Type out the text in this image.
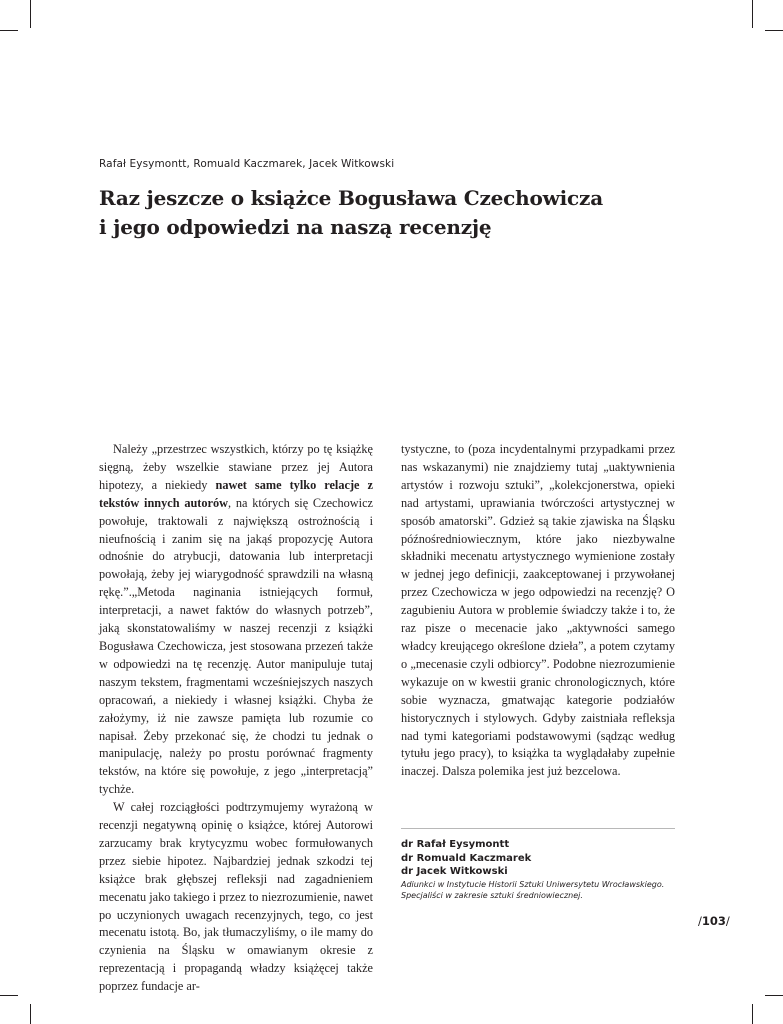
Rafał Eysymontt, Romuald Kaczmarek, Jacek Witkowski
Raz jeszcze o książce Bogusława Czechowicza
i jego odpowiedzi na naszą recenzję

Należy „przestrzec wszystkich, którzy po tę książkę sięgną, żeby wszelkie stawiane przez jej Autora hipotezy, a niekiedy nawet same tylko relacje z tekstów innych autorów, na których się Czechowicz powołuje, traktowali z największą ostrożnością i nieufnością i zanim się na jakąś propozycję Autora odnośnie do atrybucji, datowania lub interpretacji powołają, żeby jej wiarygodność sprawdzili na własną rękę.”.„Metoda naginania istniejących formuł, interpretacji, a nawet faktów do własnych potrzeb”, jaką skonstatowaliśmy w naszej recenzji z książki Bogusława Czechowicza, jest stosowana przezeń także w odpowiedzi na tę recenzję. Autor manipuluje tutaj naszym tekstem, fragmentami wcześniejszych naszych opracowań, a niekiedy i własnej książki. Chyba że założymy, iż nie zawsze pamięta lub rozumie co napisał. Żeby przekonać się, że chodzi tu jednak o manipulację, należy po prostu porównać fragmenty tekstów, na które się powołuje, z jego „interpretacją” tychże.

W całej rozciągłości podtrzymujemy wyrażoną w recenzji negatywną opinię o książce, której Autorowi zarzucamy brak krytycyzmu wobec formułowanych przez siebie hipotez. Najbardziej jednak szkodzi tej książce brak głębszej refleksji nad zagadnieniem mecenatu jako takiego i przez to niezrozumienie, nawet po uczynionych uwagach recenzyjnych, tego, co jest mecenatu istotą. Bo, jak tłumaczyliśmy, o ile mamy do czynienia na Śląsku w omawianym okresie z reprezentacją i propagandą władzy książęcej także poprzez fundacje ar-

tystyczne, to (poza incydentalnymi przypadkami przez nas wskazanymi) nie znajdziemy tutaj „uaktywnienia artystów i rozwoju sztuki”, „kolekcjonerstwa, opieki nad artystami, uprawiania twórczości artystycznej w sposób amatorski”. Gdzież są takie zjawiska na Śląsku późnośredniowiecznym, które jako niezbywalne składniki mecenatu artystycznego wymienione zostały w jednej jego definicji, zaakceptowanej i przywołanej przez Czechowicza w jego odpowiedzi na recenzję? O zagubieniu Autora w problemie świadczy także i to, że raz pisze o mecenacie jako „aktywności samego władcy kreującego określone dzieła”, a potem czytamy o „mecenasie czyli odbiorcy”. Podobne niezrozumienie wykazuje on w kwestii granic chronologicznych, które sobie wyznacza, gmatwając kategorie podziałów historycznych i stylowych. Gdyby zaistniała refleksja nad tymi kategoriami podstawowymi (sądząc według tytułu jego pracy), to książka ta wyglądałaby zupełnie inaczej. Dalsza polemika jest już bezcelowa.

dr Rafał Eysymontt
dr Romuald Kaczmarek
dr Jacek Witkowski
Adiunkci w Instytucie Historii Sztuki Uniwersytetu Wrocławskiego.
Specjaliści w zakresie sztuki średniowiecznej.
/103/
